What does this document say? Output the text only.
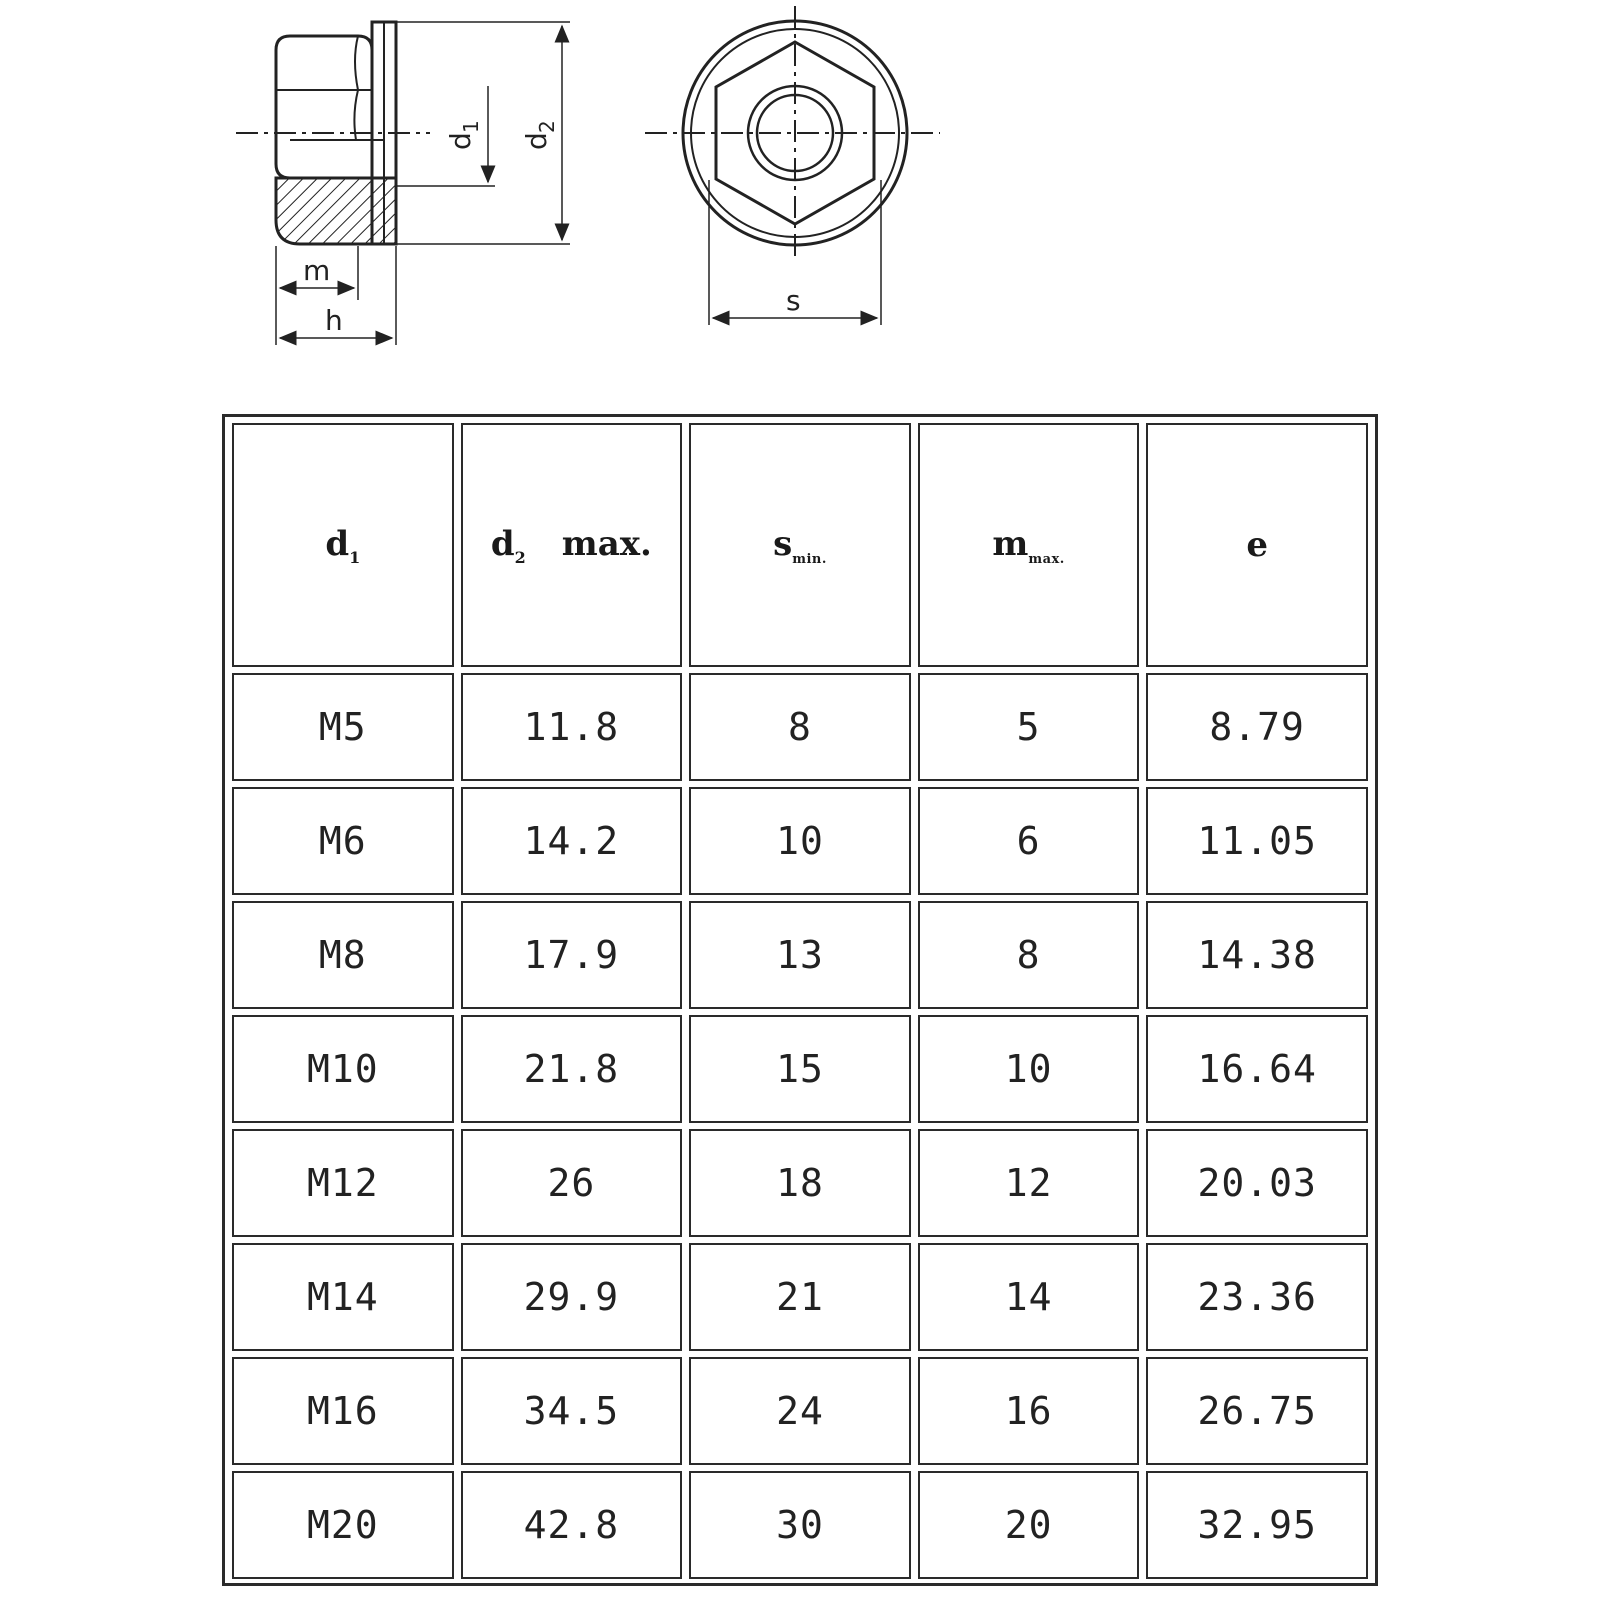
m
h
d
1
d
2
s
$d_1$	$d_2$ max.	$s_{min.}$	$m_{max.}$	e
M5	11.8	8	5	8.79
M6	14.2	10	6	11.05
M8	17.9	13	8	14.38
M10	21.8	15	10	16.64
M12	26	18	12	20.03
M14	29.9	21	14	23.36
M16	34.5	24	16	26.75
M20	42.8	30	20	32.95
